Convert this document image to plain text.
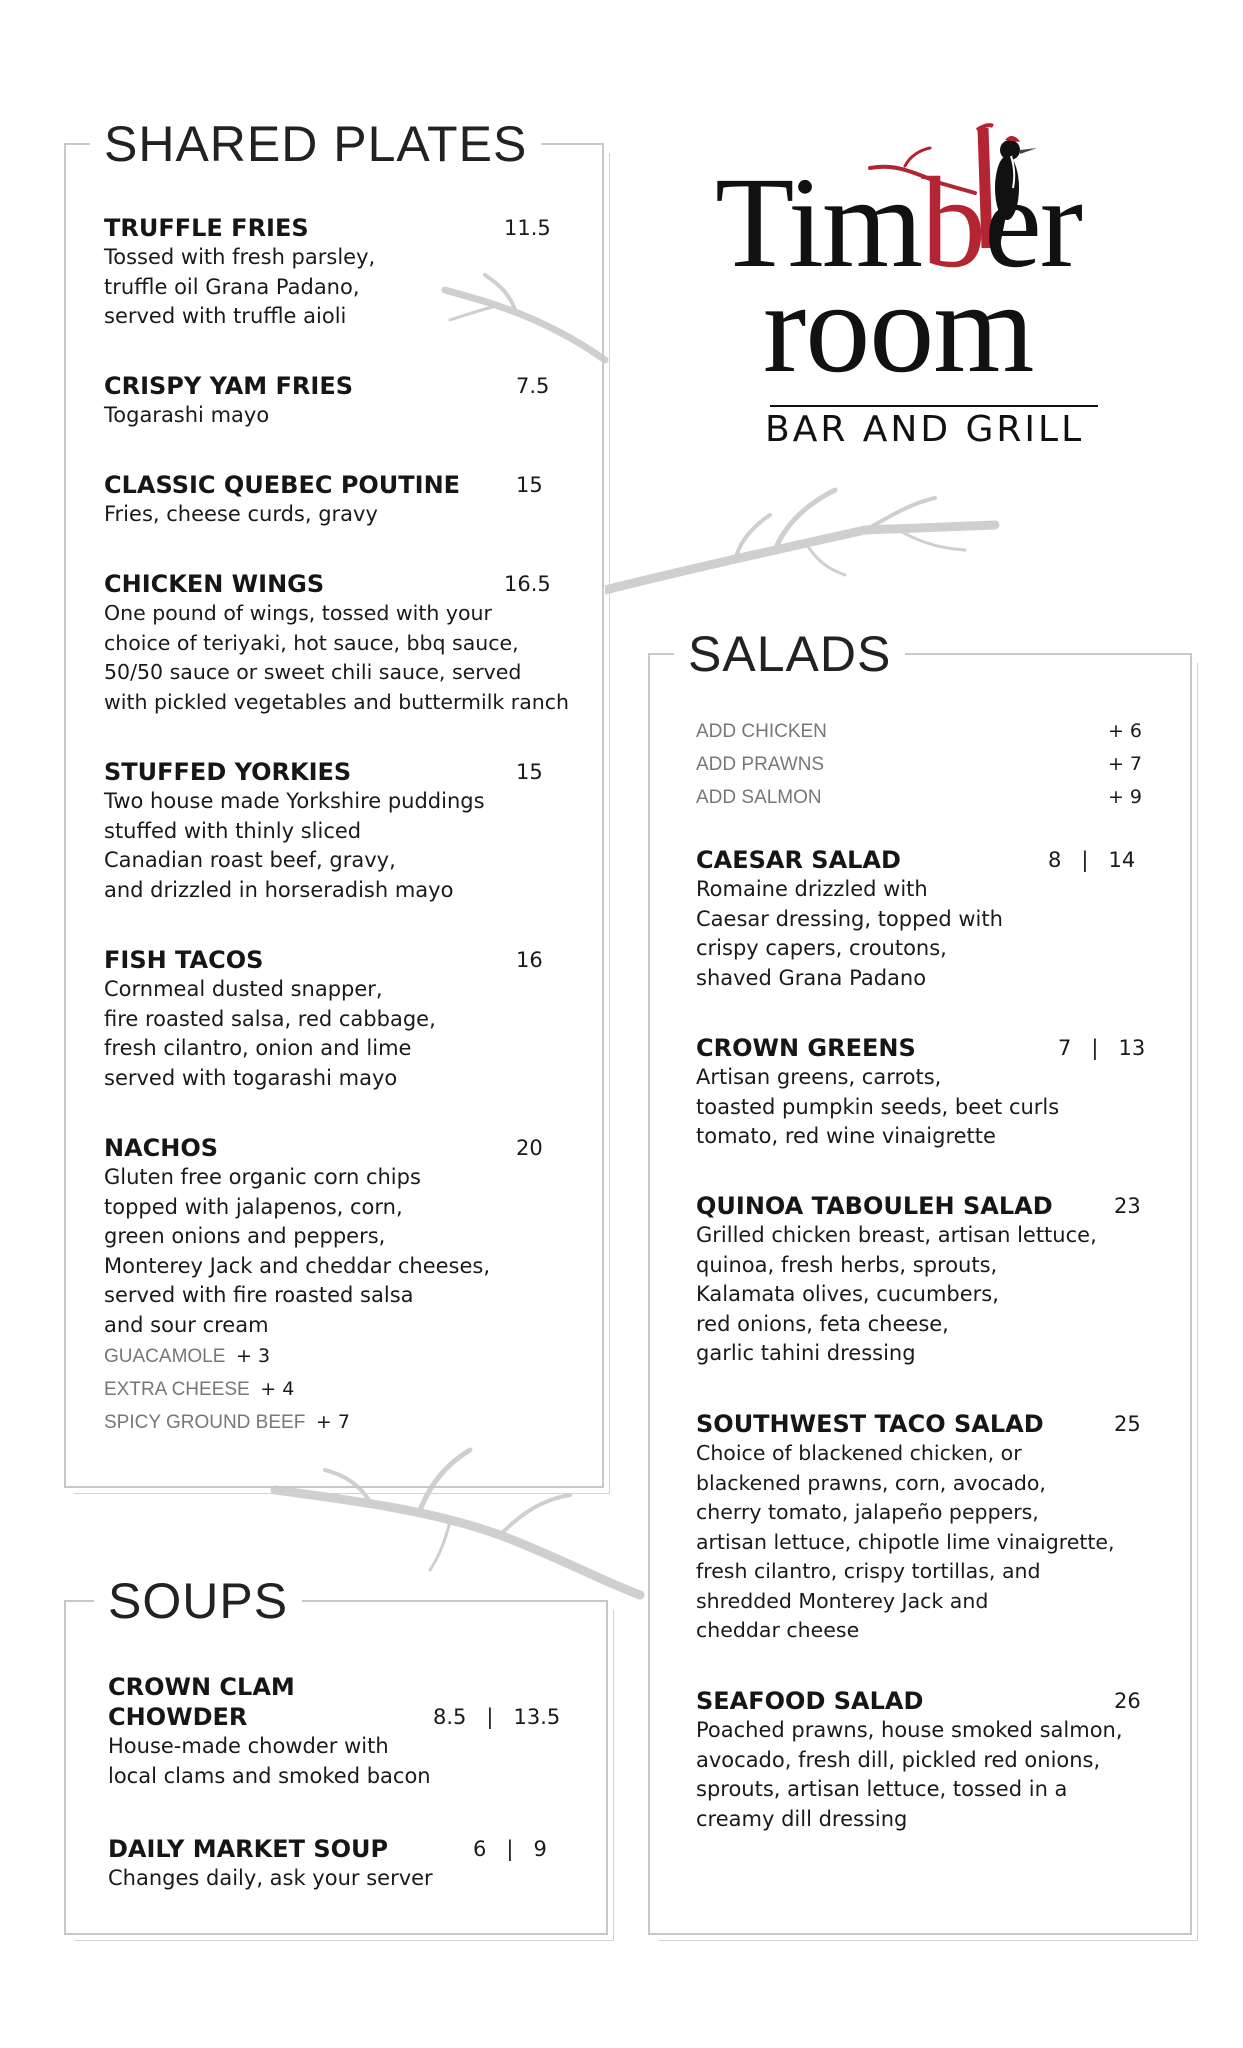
SHARED PLATES
TRUFFLE FRIES	11.5
Tossed with fresh parsley,
truffle oil Grana Padano,
served with truffle aioli
CRISPY YAM FRIES	7.5
Togarashi mayo
CLASSIC QUEBEC POUTINE	15
Fries, cheese curds, gravy
CHICKEN WINGS	16.5
One pound of wings, tossed with your
choice of teriyaki, hot sauce, bbq sauce,
50/50 sauce or sweet chili sauce, served
with pickled vegetables and buttermilk ranch
STUFFED YORKIES	15
Two house made Yorkshire puddings
stuffed with thinly sliced
Canadian roast beef, gravy,
and drizzled in horseradish mayo
FISH TACOS	16
Cornmeal dusted snapper,
fire roasted salsa, red cabbage,
fresh cilantro, onion and lime
served with togarashi mayo
NACHOS	20
Gluten free organic corn chips
topped with jalapenos, corn,
green onions and peppers,
Monterey Jack and cheddar cheeses,
served with fire roasted salsa
and sour cream
GUACAMOLE + 3
EXTRA CHEESE + 4
SPICY GROUND BEEF + 7
SOUPS
CROWN CLAM
CHOWDER	8.5   |   13.5
House-made chowder with
local clams and smoked bacon
DAILY MARKET SOUP	6   |   9
Changes daily, ask your server
Timber
room
BAR AND GRILL
SALADS
ADD CHICKEN	+ 6
ADD PRAWNS	+ 7
ADD SALMON	+ 9
CAESAR SALAD	8   |   14
Romaine drizzled with
Caesar dressing, topped with
crispy capers, croutons,
shaved Grana Padano
CROWN GREENS	7   |   13
Artisan greens, carrots,
toasted pumpkin seeds, beet curls
tomato, red wine vinaigrette
QUINOA TABOULEH SALAD	23
Grilled chicken breast, artisan lettuce,
quinoa, fresh herbs, sprouts,
Kalamata olives, cucumbers,
red onions, feta cheese,
garlic tahini dressing
SOUTHWEST TACO SALAD	25
Choice of blackened chicken, or
blackened prawns, corn, avocado,
cherry tomato, jalapeño peppers,
artisan lettuce, chipotle lime vinaigrette,
fresh cilantro, crispy tortillas, and
shredded Monterey Jack and
cheddar cheese
SEAFOOD SALAD	26
Poached prawns, house smoked salmon,
avocado, fresh dill, pickled red onions,
sprouts, artisan lettuce, tossed in a
creamy dill dressing
